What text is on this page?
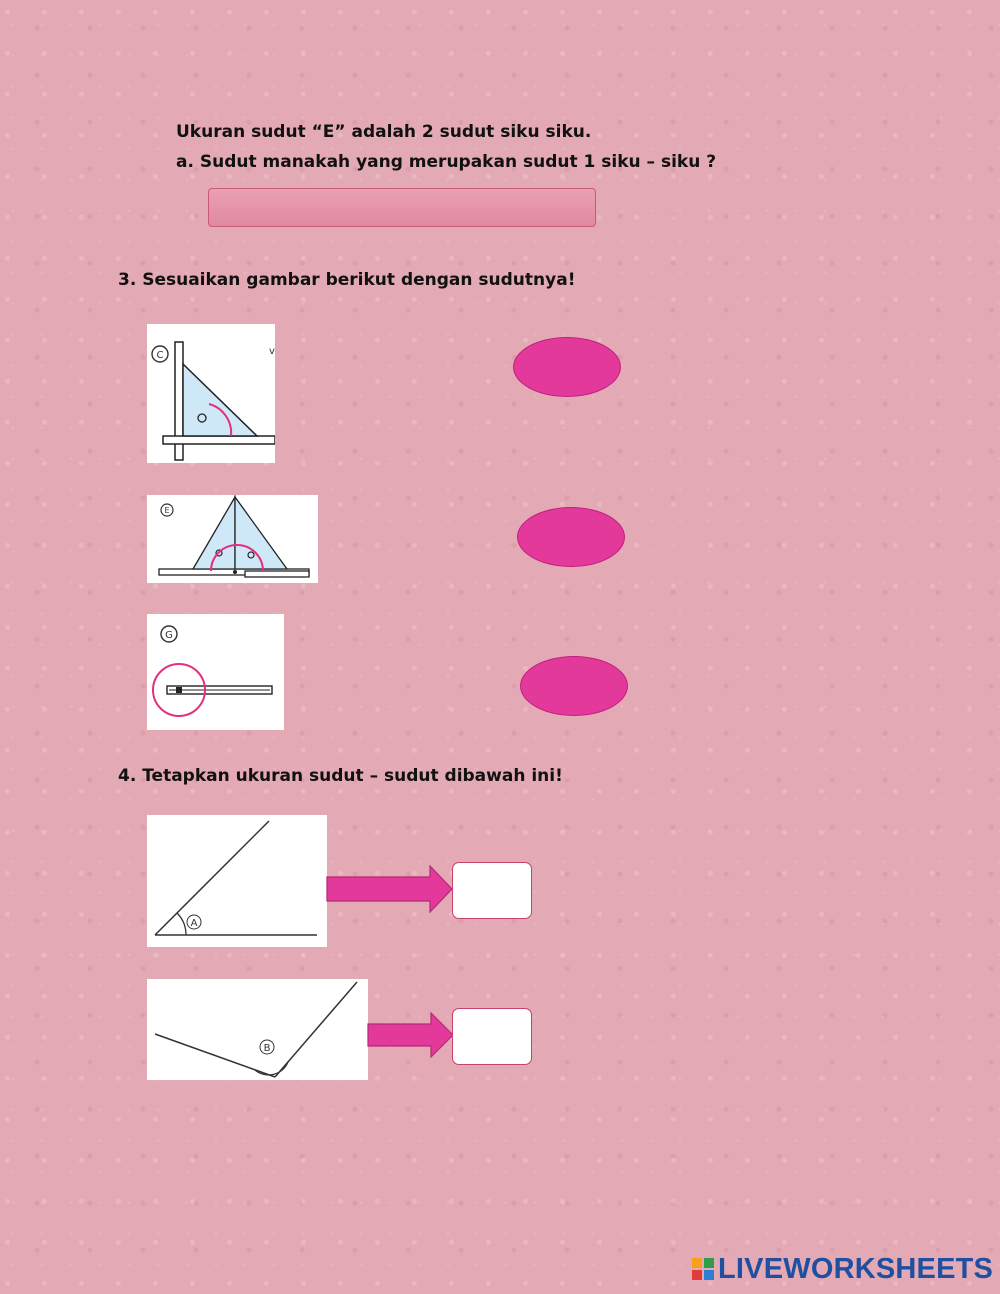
Ukuran sudut “E” adalah 2 sudut siku siku.
a. Sudut manakah yang merupakan sudut 1 siku – siku ?
3. Sesuaikan gambar berikut dengan sudutnya!
C	v
E
G
4. Tetapkan ukuran sudut – sudut dibawah ini!
A
B
LIVEWORKSHEETS
